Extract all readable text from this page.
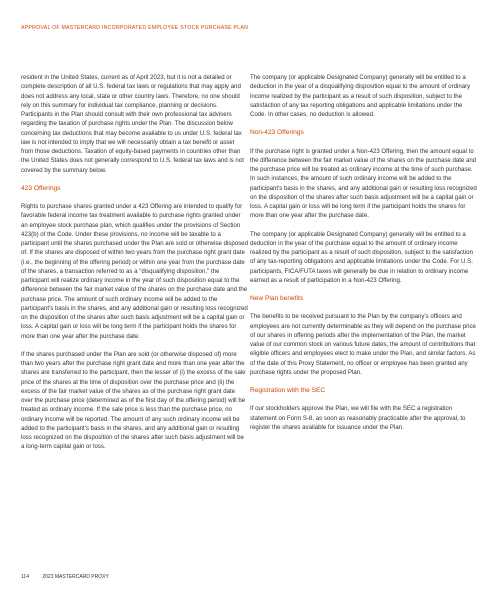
APPROVAL OF MASTERCARD INCORPORATED EMPLOYEE STOCK PURCHASE PLAN

resident in the United States, current as of April 2023, but it is not a detailed or complete description of all U.S. federal tax laws or regulations that may apply and does not address any local, state or other country laws. Therefore, no one should rely on this summary for individual tax compliance, planning or decisions. Participants in the Plan should consult with their own professional tax advisers regarding the taxation of purchase rights under the Plan. The discussion below concerning tax deductions that may become available to us under U.S. federal tax law is not intended to imply that we will necessarily obtain a tax benefit or asset from those deductions. Taxation of equity-based payments in countries other than the United States does not generally correspond to U.S. federal tax laws and is not covered by the summary below.

423 Offerings

Rights to purchase shares granted under a 423 Offering are intended to qualify for favorable federal income tax treatment available to purchase rights granted under an employee stock purchase plan, which qualifies under the provisions of Section 423(b) of the Code. Under these provisions, no income will be taxable to a participant until the shares purchased under the Plan are sold or otherwise disposed of. If the shares are disposed of within two years from the purchase right grant date (i.e., the beginning of the offering period) or within one year from the purchase date of the shares, a transaction referred to as a "disqualifying disposition," the participant will realize ordinary income in the year of such disposition equal to the difference between the fair market value of the shares on the purchase date and the purchase price. The amount of such ordinary income will be added to the participant's basis in the shares, and any additional gain or resulting loss recognized on the disposition of the shares after such basis adjustment will be a capital gain or loss. A capital gain or loss will be long term if the participant holds the shares for more than one year after the purchase date.

If the shares purchased under the Plan are sold (or otherwise disposed of) more than two years after the purchase right grant date and more than one year after the shares are transferred to the participant, then the lesser of (i) the excess of the sale price of the shares at the time of disposition over the purchase price and (ii) the excess of the fair market value of the shares as of the purchase right grant date over the purchase price (determined as of the first day of the offering period) will be treated as ordinary income. If the sale price is less than the purchase price, no ordinary income will be reported. The amount of any such ordinary income will be added to the participant's basis in the shares, and any additional gain or resulting loss recognized on the disposition of the shares after such basis adjustment will be a long-term capital gain or loss.

The company (or applicable Designated Company) generally will be entitled to a deduction in the year of a disqualifying disposition equal to the amount of ordinary income realized by the participant as a result of such disposition, subject to the satisfaction of any tax reporting obligations and applicable limitations under the Code. In other cases, no deduction is allowed.

Non-423 Offerings

If the purchase right is granted under a Non-423 Offering, then the amount equal to the difference between the fair market value of the shares on the purchase date and the purchase price will be treated as ordinary income at the time of such purchase. In such instances, the amount of such ordinary income will be added to the participant's basis in the shares, and any additional gain or resulting loss recognized on the disposition of the shares after such basis adjustment will be a capital gain or loss. A capital gain or loss will be long term if the participant holds the shares for more than one year after the purchase date.

The company (or applicable Designated Company) generally will be entitled to a deduction in the year of the purchase equal to the amount of ordinary income realized by the participant as a result of such disposition, subject to the satisfaction of any tax-reporting obligations and applicable limitations under the Code. For U.S. participants, FICA/FUTA taxes will generally be due in relation to ordinary income earned as a result of participation in a Non-423 Offering.

New Plan benefits

The benefits to be received pursuant to the Plan by the company's officers and employees are not currently determinable as they will depend on the purchase price of our shares in offering periods after the implementation of the Plan, the market value of our common stock on various future dates, the amount of contributions that eligible officers and employees elect to make under the Plan, and similar factors. As of the date of this Proxy Statement, no officer or employee has been granted any purchase rights under the proposed Plan.

Registration with the SEC

If our stockholders approve the Plan, we will file with the SEC a registration statement on Form S-8, as soon as reasonably practicable after the approval, to register the shares available for issuance under the Plan.

114	2023 MASTERCARD PROXY
